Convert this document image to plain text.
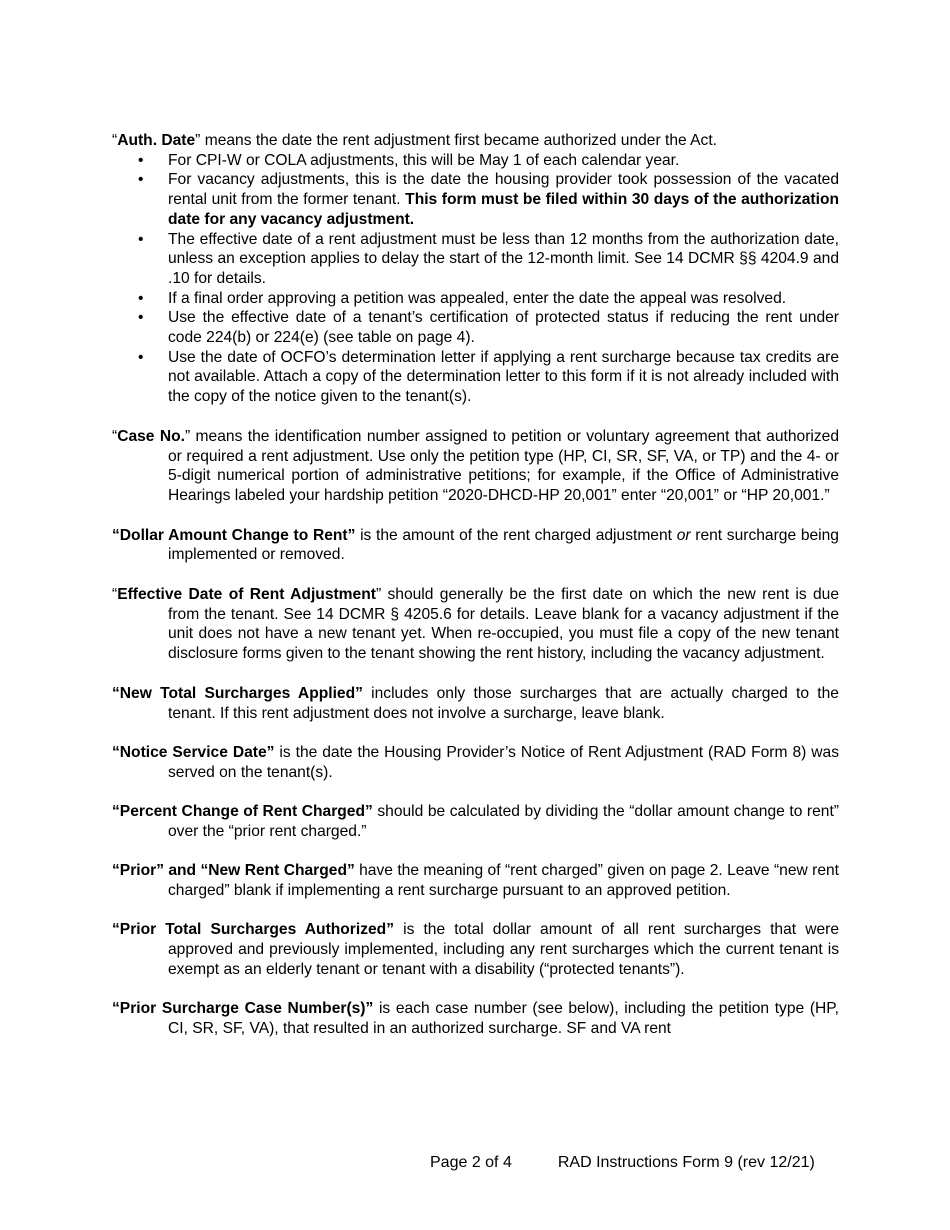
“Auth. Date” means the date the rent adjustment first became authorized under the Act.
• For CPI-W or COLA adjustments, this will be May 1 of each calendar year.
• For vacancy adjustments, this is the date the housing provider took possession of the vacated rental unit from the former tenant. This form must be filed within 30 days of the authorization date for any vacancy adjustment.
• The effective date of a rent adjustment must be less than 12 months from the authorization date, unless an exception applies to delay the start of the 12-month limit. See 14 DCMR §§ 4204.9 and .10 for details.
• If a final order approving a petition was appealed, enter the date the appeal was resolved.
• Use the effective date of a tenant’s certification of protected status if reducing the rent under code 224(b) or 224(e) (see table on page 4).
• Use the date of OCFO’s determination letter if applying a rent surcharge because tax credits are not available. Attach a copy of the determination letter to this form if it is not already included with the copy of the notice given to the tenant(s).
“Case No.” means the identification number assigned to petition or voluntary agreement that authorized or required a rent adjustment. Use only the petition type (HP, CI, SR, SF, VA, or TP) and the 4- or 5-digit numerical portion of administrative petitions; for example, if the Office of Administrative Hearings labeled your hardship petition “2020-DHCD-HP 20,001” enter “20,001” or “HP 20,001.”
“Dollar Amount Change to Rent” is the amount of the rent charged adjustment or rent surcharge being implemented or removed.
“Effective Date of Rent Adjustment” should generally be the first date on which the new rent is due from the tenant. See 14 DCMR § 4205.6 for details. Leave blank for a vacancy adjustment if the unit does not have a new tenant yet. When re-occupied, you must file a copy of the new tenant disclosure forms given to the tenant showing the rent history, including the vacancy adjustment.
“New Total Surcharges Applied” includes only those surcharges that are actually charged to the tenant. If this rent adjustment does not involve a surcharge, leave blank.
“Notice Service Date” is the date the Housing Provider’s Notice of Rent Adjustment (RAD Form 8) was served on the tenant(s).
“Percent Change of Rent Charged” should be calculated by dividing the “dollar amount change to rent” over the “prior rent charged.”
“Prior” and “New Rent Charged” have the meaning of “rent charged” given on page 2. Leave “new rent charged” blank if implementing a rent surcharge pursuant to an approved petition.
“Prior Total Surcharges Authorized” is the total dollar amount of all rent surcharges that were approved and previously implemented, including any rent surcharges which the current tenant is exempt as an elderly tenant or tenant with a disability (“protected tenants”).
“Prior Surcharge Case Number(s)” is each case number (see below), including the petition type (HP, CI, SR, SF, VA), that resulted in an authorized surcharge. SF and VA rent
Page 2 of 4	RAD Instructions Form 9 (rev 12/21)
